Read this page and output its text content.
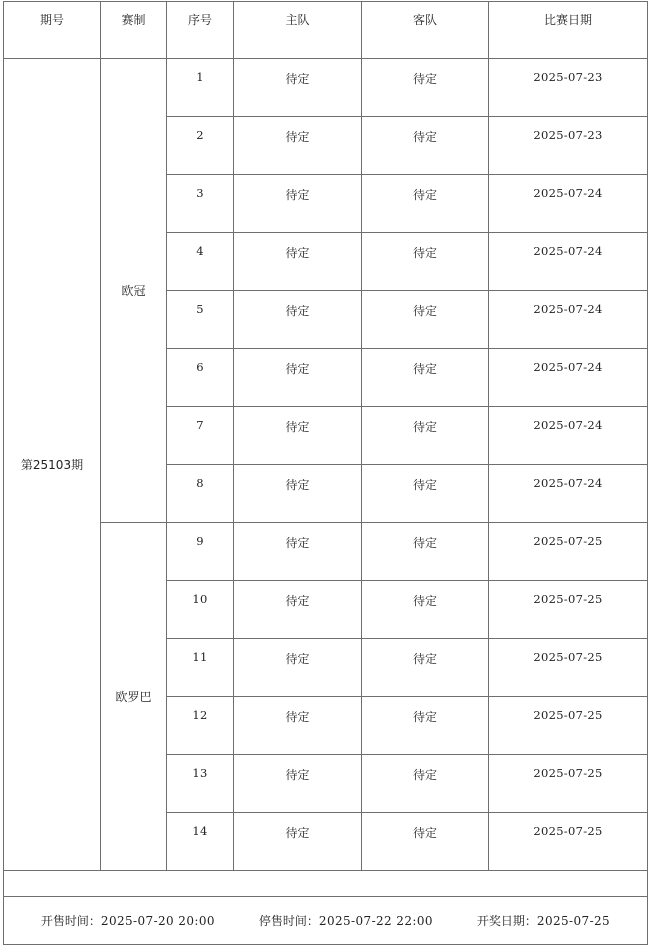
期号	赛制	序号	主队	客队	比赛日期
第25103期	欧冠	1	待定	待定	2025-07-23
		2	待定	待定	2025-07-23
		3	待定	待定	2025-07-24
		4	待定	待定	2025-07-24
		5	待定	待定	2025-07-24
		6	待定	待定	2025-07-24
		7	待定	待定	2025-07-24
		8	待定	待定	2025-07-24
	欧罗巴	9	待定	待定	2025-07-25
		10	待定	待定	2025-07-25
		11	待定	待定	2025-07-25
		12	待定	待定	2025-07-25
		13	待定	待定	2025-07-25
		14	待定	待定	2025-07-25

开售时间：2025-07-20 20:00 停售时间：2025-07-22 22:00 开奖日期：2025-07-25					
